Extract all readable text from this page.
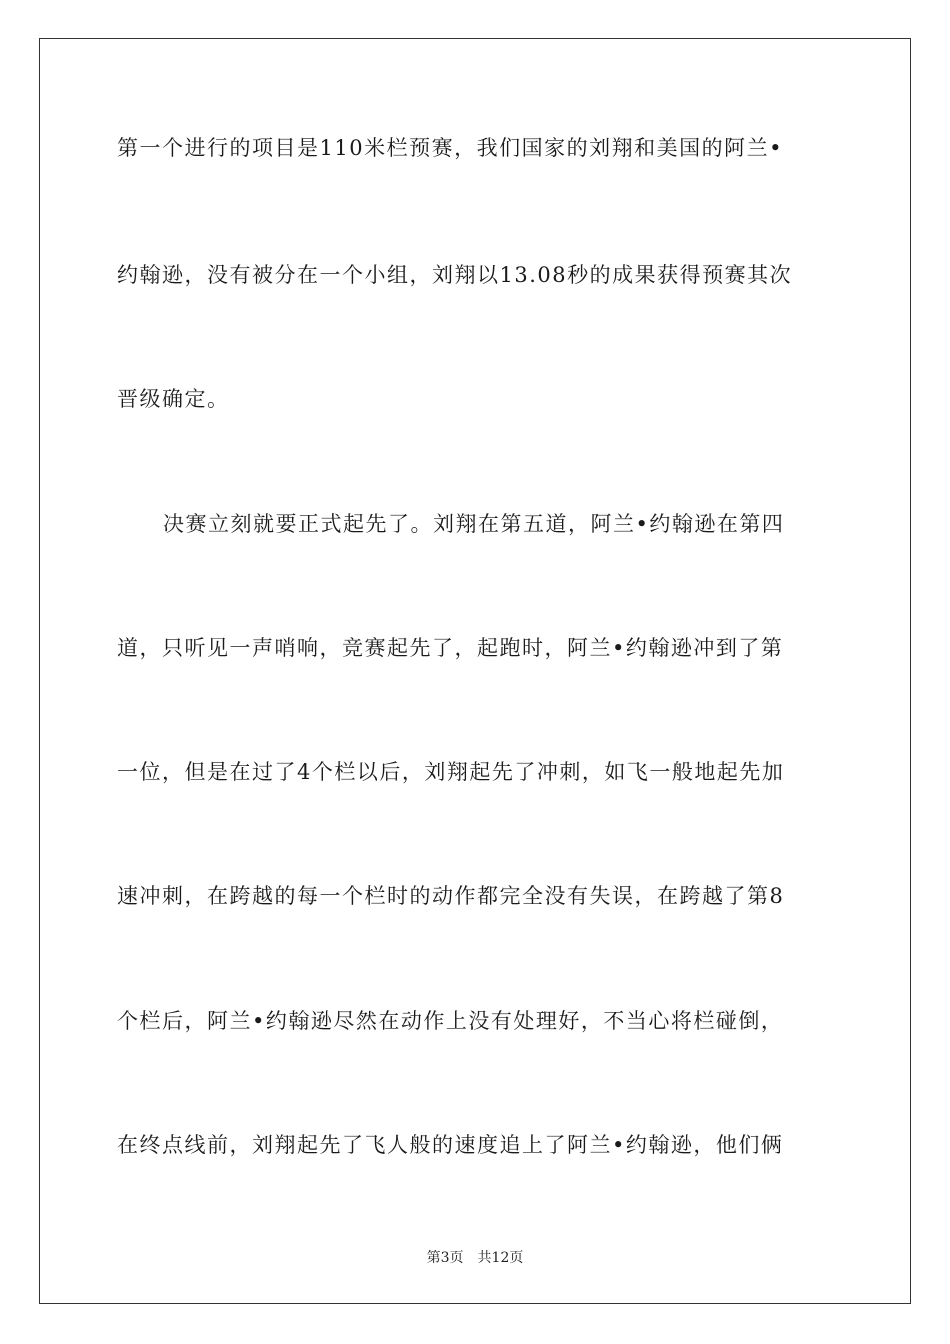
第一个进行的项目是110米栏预赛，我们国家的刘翔和美国的阿兰•
约翰逊，没有被分在一个小组，刘翔以13.08秒的成果获得预赛其次
晋级确定。
决赛立刻就要正式起先了。刘翔在第五道，阿兰•约翰逊在第四
道，只听见一声哨响，竞赛起先了，起跑时，阿兰•约翰逊冲到了第
一位，但是在过了4个栏以后，刘翔起先了冲刺，如飞一般地起先加
速冲刺，在跨越的每一个栏时的动作都完全没有失误，在跨越了第8
个栏后，阿兰•约翰逊尽然在动作上没有处理好，不当心将栏碰倒，
在终点线前，刘翔起先了飞人般的速度追上了阿兰•约翰逊，他们俩
第3页 共12页
